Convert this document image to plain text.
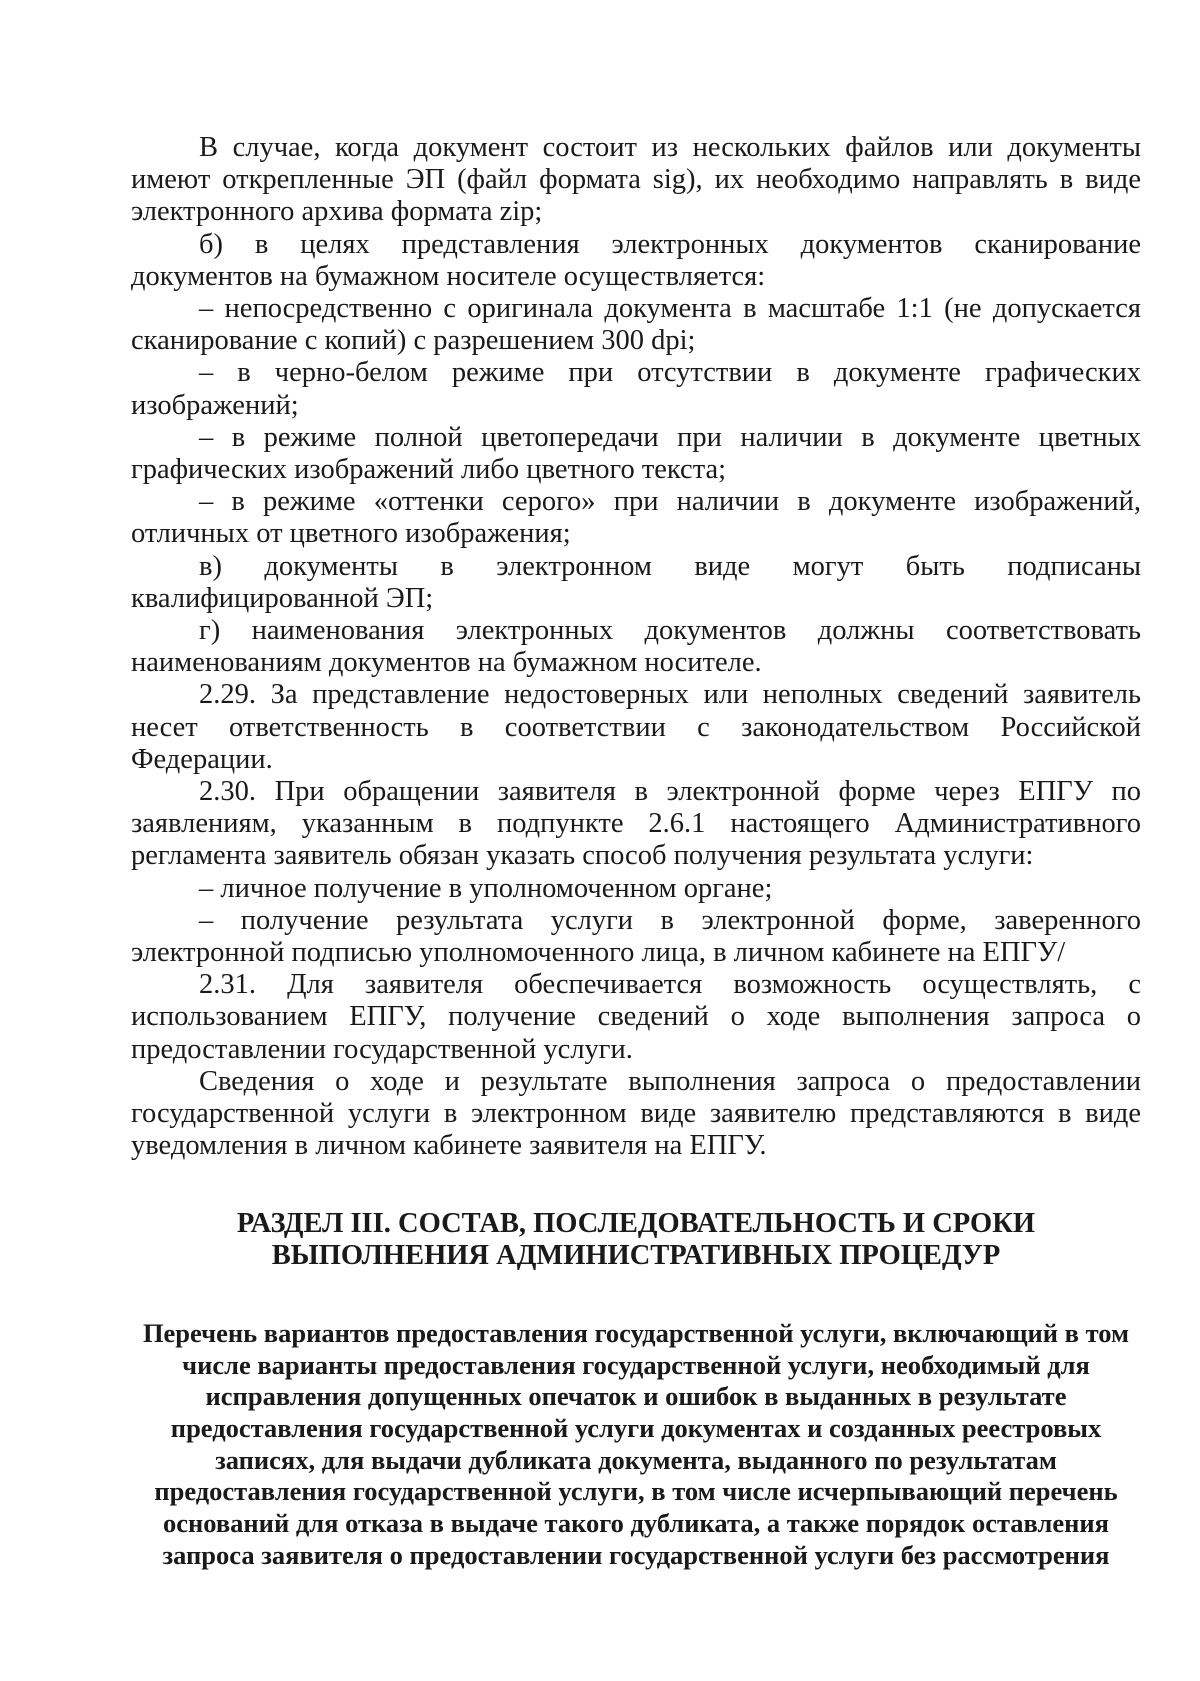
В случае, когда документ состоит из нескольких файлов или документы имеют открепленные ЭП (файл формата sig), их необходимо направлять в виде электронного архива формата zip;

б) в целях представления электронных документов сканирование документов на бумажном носителе осуществляется:

– непосредственно с оригинала документа в масштабе 1:1 (не допускается сканирование с копий) с разрешением 300 dpi;

– в черно-белом режиме при отсутствии в документе графических изображений;

– в режиме полной цветопередачи при наличии в документе цветных графических изображений либо цветного текста;

– в режиме «оттенки серого» при наличии в документе изображений, отличных от цветного изображения;

в) документы в электронном виде могут быть подписаны квалифицированной ЭП;

г) наименования электронных документов должны соответствовать наименованиям документов на бумажном носителе.

2.29. За представление недостоверных или неполных сведений заявитель несет ответственность в соответствии с законодательством Российской Федерации.

2.30. При обращении заявителя в электронной форме через ЕПГУ по заявлениям, указанным в подпункте 2.6.1 настоящего Административного регламента заявитель обязан указать способ получения результата услуги:

– личное получение в уполномоченном органе;

– получение результата услуги в электронной форме, заверенного электронной подписью уполномоченного лица, в личном кабинете на ЕПГУ/

2.31. Для заявителя обеспечивается возможность осуществлять, с использованием ЕПГУ, получение сведений о ходе выполнения запроса о предоставлении государственной услуги.

Сведения о ходе и результате выполнения запроса о предоставлении государственной услуги в электронном виде заявителю представляются в виде уведомления в личном кабинете заявителя на ЕПГУ.

РАЗДЕЛ III. СОСТАВ, ПОСЛЕДОВАТЕЛЬНОСТЬ И СРОКИ ВЫПОЛНЕНИЯ АДМИНИСТРАТИВНЫХ ПРОЦЕДУР
Перечень вариантов предоставления государственной услуги, включающий в том числе варианты предоставления государственной услуги, необходимый для исправления допущенных опечаток и ошибок в выданных в результате предоставления государственной услуги документах и созданных реестровых записях, для выдачи дубликата документа, выданного по результатам предоставления государственной услуги, в том числе исчерпывающий перечень оснований для отказа в выдаче такого дубликата, а также порядок оставления запроса заявителя о предоставлении государственной услуги без рассмотрения
